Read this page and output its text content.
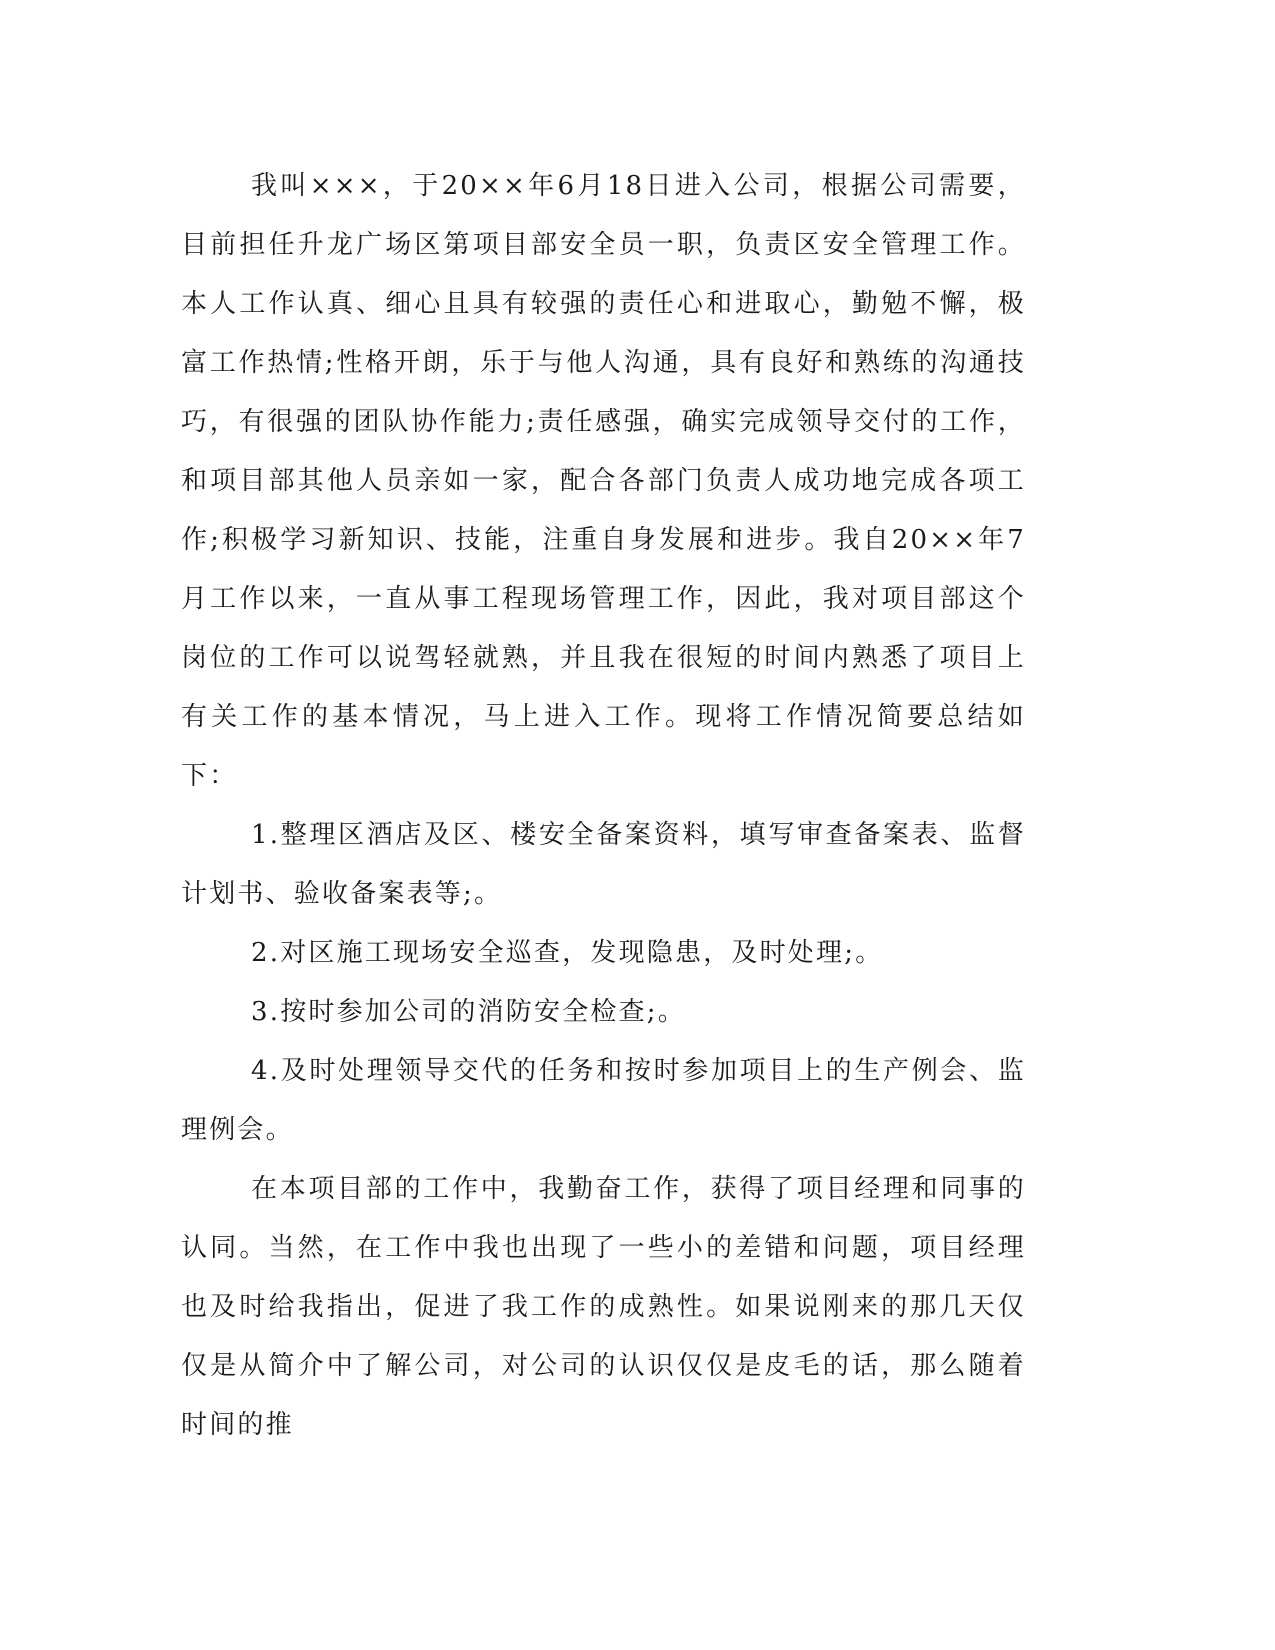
我叫×××，于20××年6月18日进入公司，根据公司需要，目前担任升龙广场区第项目部安全员一职，负责区安全管理工作。本人工作认真、细心且具有较强的责任心和进取心，勤勉不懈，极富工作热情;性格开朗，乐于与他人沟通，具有良好和熟练的沟通技巧，有很强的团队协作能力;责任感强，确实完成领导交付的工作，和项目部其他人员亲如一家，配合各部门负责人成功地完成各项工作;积极学习新知识、技能，注重自身发展和进步。我自20××年7月工作以来，一直从事工程现场管理工作，因此，我对项目部这个岗位的工作可以说驾轻就熟，并且我在很短的时间内熟悉了项目上有关工作的基本情况，马上进入工作。现将工作情况简要总结如下：

1.整理区酒店及区、楼安全备案资料，填写审查备案表、监督计划书、验收备案表等;。

2.对区施工现场安全巡查，发现隐患，及时处理;。

3.按时参加公司的消防安全检查;。

4.及时处理领导交代的任务和按时参加项目上的生产例会、监理例会。

在本项目部的工作中，我勤奋工作，获得了项目经理和同事的认同。当然，在工作中我也出现了一些小的差错和问题，项目经理也及时给我指出，促进了我工作的成熟性。如果说刚来的那几天仅仅是从简介中了解公司，对公司的认识仅仅是皮毛的话，那么随着时间的推
